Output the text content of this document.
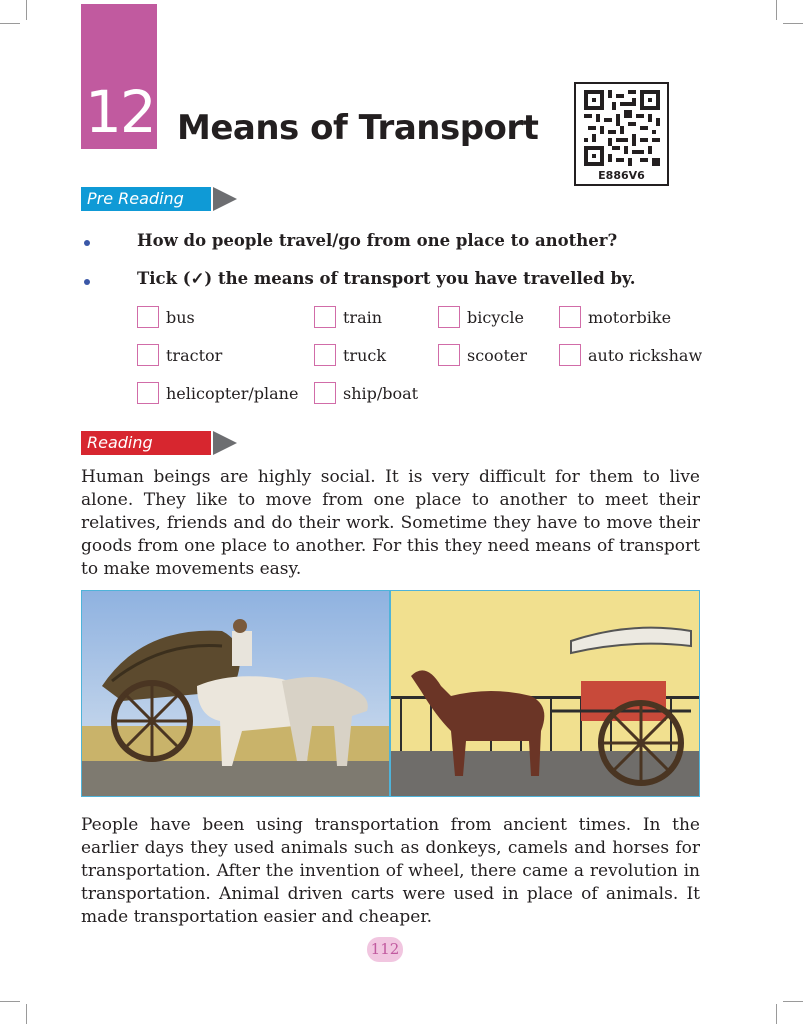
12 Means of Transport
E886V6
Pre Reading
How do people travel/go from one place to another?
Tick (✓) the means of transport you have travelled by.
bus	train	bicycle	motorbike
tractor	truck	scooter	auto rickshaw
helicopter/plane	ship/boat
Reading

Human beings are highly social. It is very difficult for them to live alone. They like to move from one place to another to meet their relatives, friends and do their work. Sometime they have to move their goods from one place to another. For this they need means of transport to make movements easy.

People have been using transportation from ancient times. In the earlier days they used animals such as donkeys, camels and horses for transportation. After the invention of wheel, there came a revolution in transportation. Animal driven carts were used in place of animals. It made transportation easier and cheaper.

112
